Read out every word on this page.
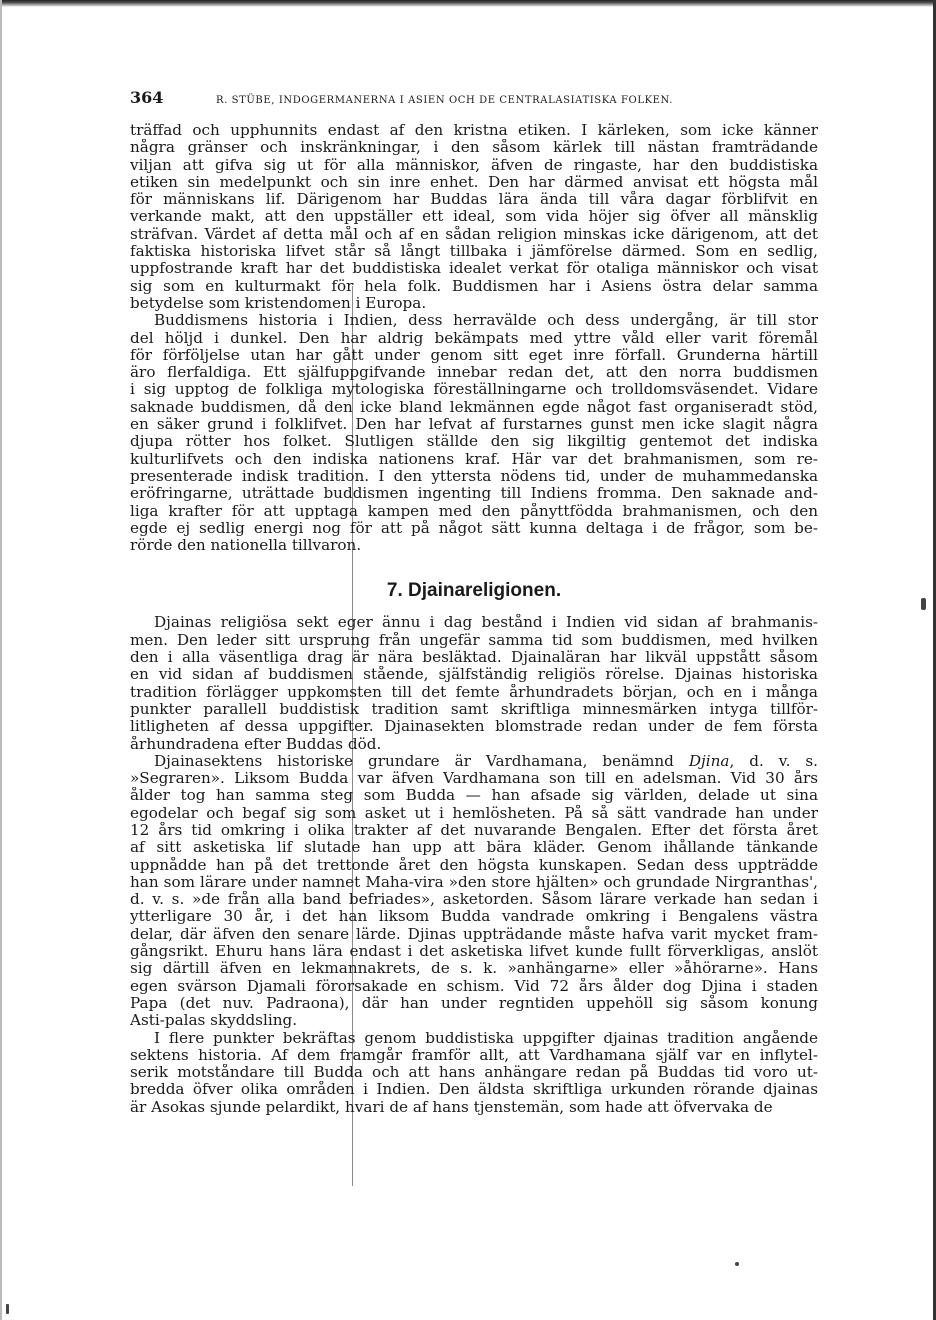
364	R. STÜBE, INDOGERMANERNA I ASIEN OCH DE CENTRALASIATISKA FOLKEN.
träffad och upphunnits endast af den kristna etiken. I kärleken, som icke känner
några gränser och inskränkningar, i den såsom kärlek till nästan framträdande
viljan att gifva sig ut för alla människor, äfven de ringaste, har den buddistiska
etiken sin medelpunkt och sin inre enhet. Den har därmed anvisat ett högsta mål
för människans lif. Därigenom har Buddas lära ända till våra dagar förblifvit en
verkande makt, att den uppställer ett ideal, som vida höjer sig öfver all mänsklig
sträfvan. Värdet af detta mål och af en sådan religion minskas icke därigenom, att det
faktiska historiska lifvet står så långt tillbaka i jämförelse därmed. Som en sedlig,
uppfostrande kraft har det buddistiska idealet verkat för otaliga människor och visat
sig som en kulturmakt för hela folk. Buddismen har i Asiens östra delar samma
betydelse som kristendomen i Europa.
Buddismens historia i Indien, dess herravälde och dess undergång, är till stor
del höljd i dunkel. Den har aldrig bekämpats med yttre våld eller varit föremål
för förföljelse utan har gått under genom sitt eget inre förfall. Grunderna härtill
äro flerfaldiga. Ett själfuppgifvande innebar redan det, att den norra buddismen
i sig upptog de folkliga mytologiska föreställningarne och trolldomsväsendet. Vidare
saknade buddismen, då den icke bland lekmännen egde något fast organiseradt stöd,
en säker grund i folklifvet. Den har lefvat af furstarnes gunst men icke slagit några
djupa rötter hos folket. Slutligen ställde den sig likgiltig gentemot det indiska
kulturlifvets och den indiska nationens kraf. Här var det brahmanismen, som re-
presenterade indisk tradition. I den yttersta nödens tid, under de muhammedanska
eröfringarne, uträttade buddismen ingenting till Indiens fromma. Den saknade and-
liga krafter för att upptaga kampen med den pånyttfödda brahmanismen, och den
egde ej sedlig energi nog för att på något sätt kunna deltaga i de frågor, som be-
rörde den nationella tillvaron.
7. Djainareligionen.
Djainas religiösa sekt eger ännu i dag bestånd i Indien vid sidan af brahmanis-
men. Den leder sitt ursprung från ungefär samma tid som buddismen, med hvilken
den i alla väsentliga drag är nära besläktad. Djainaläran har likväl uppstått såsom
en vid sidan af buddismen stående, själfständig religiös rörelse. Djainas historiska
tradition förlägger uppkomsten till det femte århundradets början, och en i många
punkter parallell buddistisk tradition samt skriftliga minnesmärken intyga tillför-
litligheten af dessa uppgifter. Djainasekten blomstrade redan under de fem första
århundradena efter Buddas död.
Djainasektens historiske grundare är Vardhamana, benämnd Djina, d. v. s.
»Segraren». Liksom Budda var äfven Vardhamana son till en adelsman. Vid 30 års
ålder tog han samma steg som Budda — han afsade sig världen, delade ut sina
egodelar och begaf sig som asket ut i hemlösheten. På så sätt vandrade han under
12 års tid omkring i olika trakter af det nuvarande Bengalen. Efter det första året
af sitt asketiska lif slutade han upp att bära kläder. Genom ihållande tänkande
uppnådde han på det trettonde året den högsta kunskapen. Sedan dess uppträdde
han som lärare under namnet Maha-vira »den store hjälten» och grundade Nirgranthas',
d. v. s. »de från alla band befriades», asketorden. Såsom lärare verkade han sedan i
ytterligare 30 år, i det han liksom Budda vandrade omkring i Bengalens västra
delar, där äfven den senare lärde. Djinas uppträdande måste hafva varit mycket fram-
gångsrikt. Ehuru hans lära endast i det asketiska lifvet kunde fullt förverkligas, anslöt
sig därtill äfven en lekmannakrets, de s. k. »anhängarne» eller »åhörarne». Hans
egen svärson Djamali förorsakade en schism. Vid 72 års ålder dog Djina i staden
Papa (det nuv. Padraona), där han under regntiden uppehöll sig såsom konung
Asti-palas skyddsling.
I flere punkter bekräftas genom buddistiska uppgifter djainas tradition angående
sektens historia. Af dem framgår framför allt, att Vardhamana själf var en inflytel-
serik motståndare till Budda och att hans anhängare redan på Buddas tid voro ut-
bredda öfver olika områden i Indien. Den äldsta skriftliga urkunden rörande djainas
är Asokas sjunde pelardikt, hvari de af hans tjenstemän, som hade att öfvervaka de
